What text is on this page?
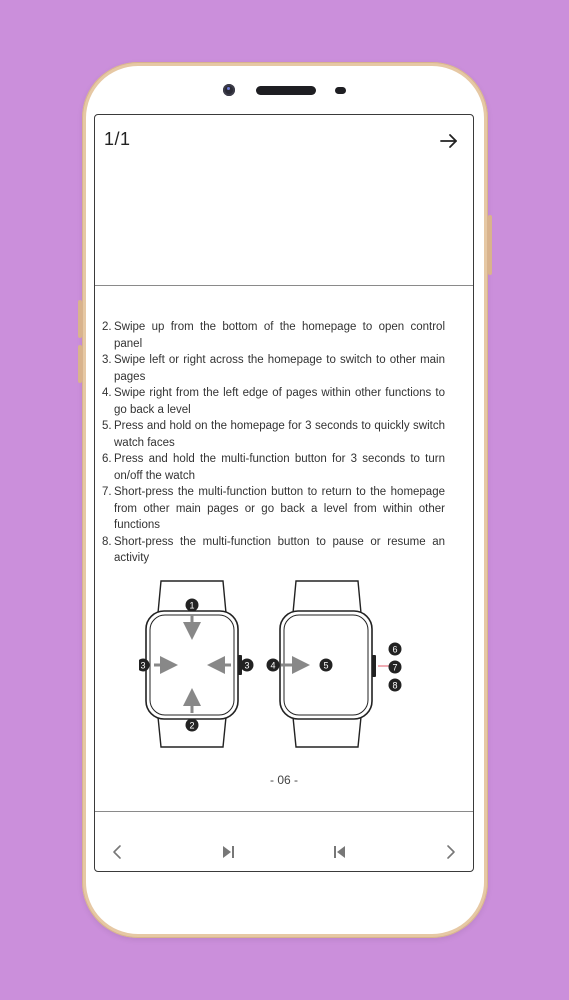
1/1
2. Swipe up from the bottom of the homepage to open control panel
3. Swipe left or right across the homepage to switch to other main pages
4. Swipe right from the left edge of pages within other functions to go back a level
5. Press and hold on the homepage for 3 seconds to quickly switch watch faces
6. Press and hold the multi-function button for 3 seconds to turn on/off the watch
7. Short-press the multi-function button to return to the homepage from other main pages or go back a level from within other functions
8. Short-press the multi-function button to pause or resume an activity
1
2
3	3 4	5
6
7
8
- 06 -
